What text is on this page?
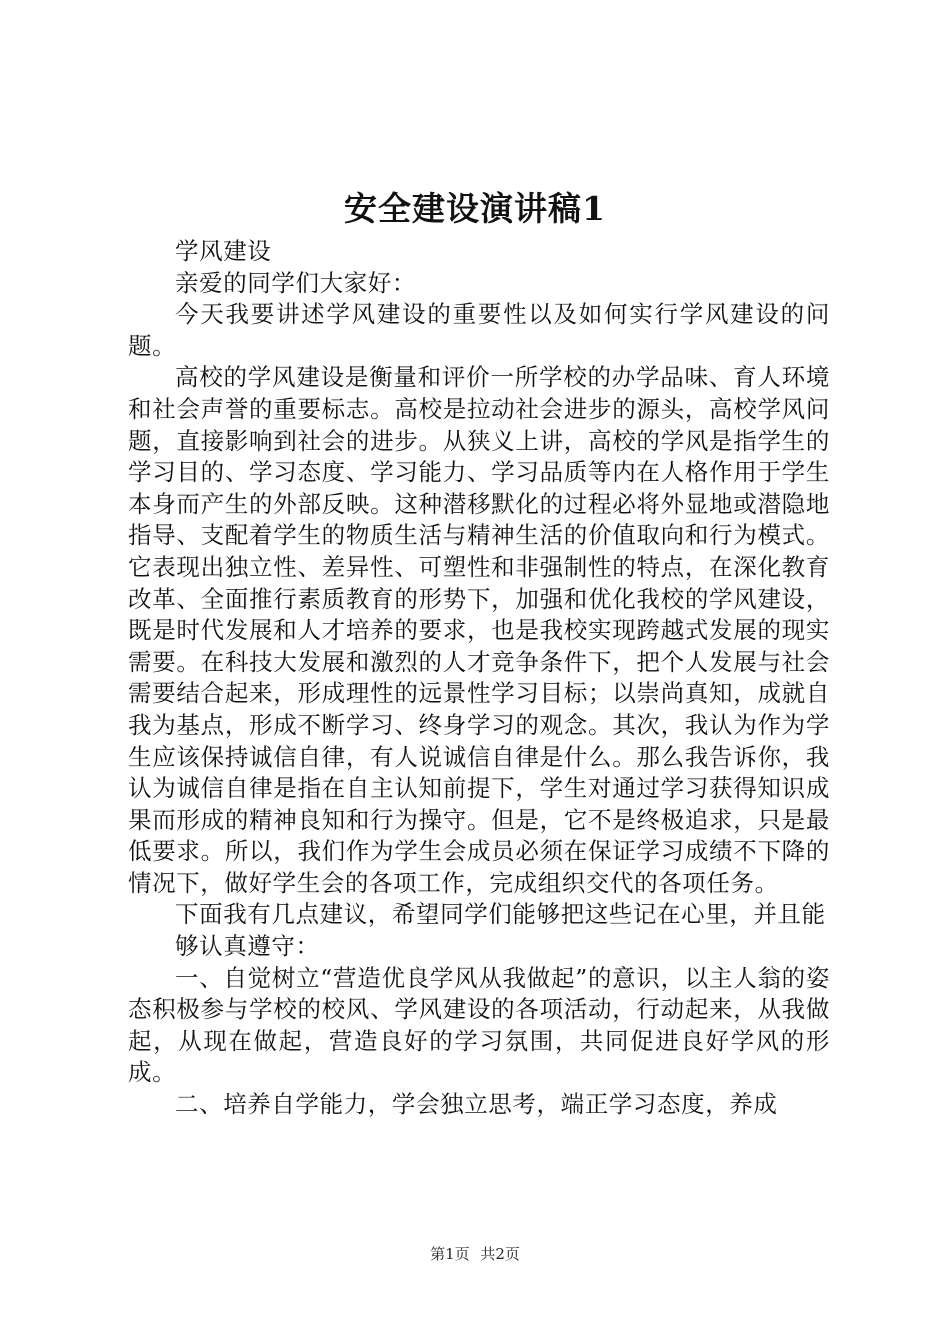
安全建设演讲稿1

学风建设

亲爱的同学们大家好：

今天我要讲述学风建设的重要性以及如何实行学风建设的问题。

高校的学风建设是衡量和评价一所学校的办学品味、育人环境和社会声誉的重要标志。高校是拉动社会进步的源头，高校学风问题，直接影响到社会的进步。从狭义上讲，高校的学风是指学生的学习目的、学习态度、学习能力、学习品质等内在人格作用于学生本身而产生的外部反映。这种潜移默化的过程必将外显地或潜隐地指导、支配着学生的物质生活与精神生活的价值取向和行为模式。它表现出独立性、差异性、可塑性和非强制性的特点，在深化教育改革、全面推行素质教育的形势下，加强和优化我校的学风建设，既是时代发展和人才培养的要求，也是我校实现跨越式发展的现实需要。在科技大发展和激烈的人才竞争条件下，把个人发展与社会需要结合起来，形成理性的远景性学习目标；以崇尚真知，成就自我为基点，形成不断学习、终身学习的观念。其次，我认为作为学生应该保持诚信自律，有人说诚信自律是什么。那么我告诉你，我认为诚信自律是指在自主认知前提下，学生对通过学习获得知识成果而形成的精神良知和行为操守。但是，它不是终极追求，只是最低要求。所以，我们作为学生会成员必须在保证学习成绩不下降的情况下，做好学生会的各项工作，完成组织交代的各项任务。

下面我有几点建议，希望同学们能够把这些记在心里，并且能

够认真遵守：

一、自觉树立“营造优良学风从我做起”的意识，以主人翁的姿态积极参与学校的校风、学风建设的各项活动，行动起来，从我做起，从现在做起，营造良好的学习氛围，共同促进良好学风的形成。

二、培养自学能力，学会独立思考，端正学习态度，养成

第1页 共2页
